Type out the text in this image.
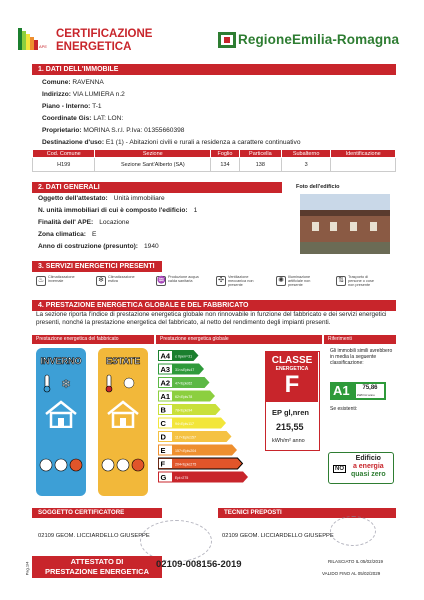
APE
CERTIFICAZIONE
ENERGETICA	RegioneEmilia-Romagna
1. DATI DELL'IMMOBILE
Comune: RAVENNA
Indirizzo: VIA LUMIERA n.2
Piano - Interno: T-1
Coordinate Gis: LAT: LON:
Proprietario: MORINA S.r.l. P.Iva: 01355660398
Destinazione d'uso: E1 (1) - Abitazioni civili e rurali a residenza a carattere continuativo
Cod. Comune	Sezione	Foglio	Particella	Subalterno	Identificazione
H199	Sezione Sant'Alberto (SA)	134	138	3	
2. DATI GENERALI	Foto dell'edificio
Oggetto dell'attestato: Unità immobiliare
N. unità immobiliari di cui è composto l'edificio: 1
Finalità dell' APE: Locazione
Zona climatica: E
Anno di costruzione (presunto): 1940
3. SERVIZI ENERGETICI PRESENTI
♨	Climatizzazione invernale	❄	Climatizzazione estiva	♒ Produzione acqua calda sanitaria	✣	Ventilazione meccanica non presente
✺	Illuminazione artificiale non presente
⇅	Trasporto di persone o cose non presente
4. PRESTAZIONE ENERGETICA GLOBALE E DEL FABBRICATO
La sezione riporta l'indice di prestazione energetica globale non rinnovabile in funzione del fabbricato e dei servizi energetici presenti, nonché la prestazione energetica del fabbricato, al netto del rendimento degli impianti presenti.
Prestazione energetica del fabbricato	Prestazione energetica globale	Riferimenti
INVERNO
❄
ESTATE	A4 ≤ 0pen=31
A3 31<≤Epl≤47
A2 47<Epl≤62
A1 62<Epl≤78
B	78<Epl≤94
C	94<Epl≤117
D	117<Epl≤157
E	157<Epl≤204
F	204<Epl≤275
G Epl>275
CLASSE
ENERGETICA
F
EP gl,nren
215,55
kWh/m² anno
Gli immobili simili avrebbero in media la seguente classificazione:
A1	75,86
kWh/m² anno
Se esistenti:
NO
Edificio
a energia
quasi zero
SOGGETTO CERTIFICATORE	TECNICI PREPOSTI
02109 GEOM. LICCIARDELLO GIUSEPPE	02109 GEOM. LICCIARDELLO GIUSEPPE
ATTESTATO DI
PRESTAZIONE ENERGETICA
02109-008156-2019	RILASCIATO IL 05/02/2019
VALIDO FINO AL 05/02/2029
Pag.1/4
